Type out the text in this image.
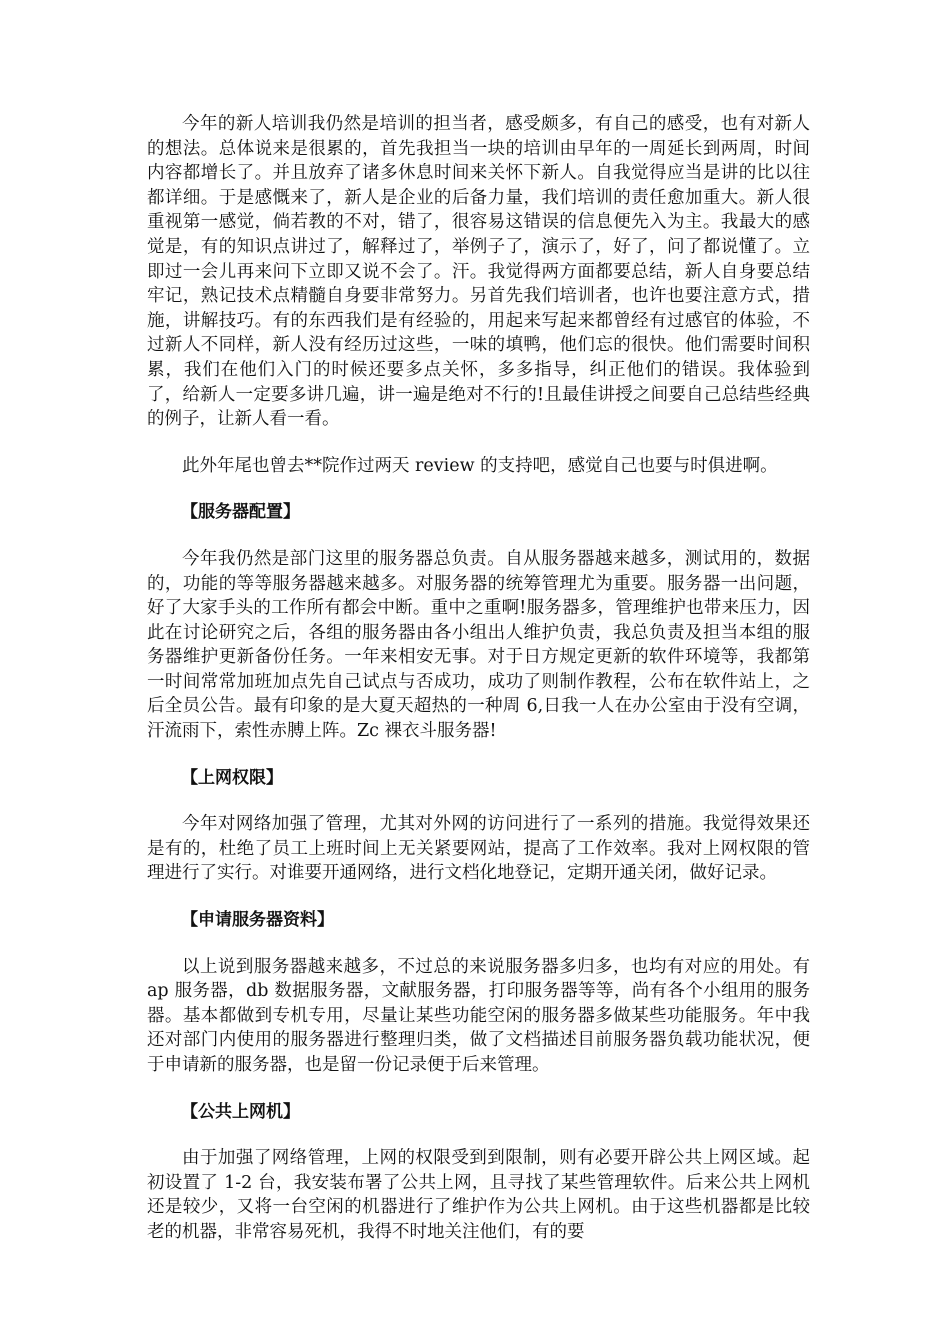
今年的新人培训我仍然是培训的担当者，感受颇多，有自己的感受，也有对新人的想法。总体说来是很累的，首先我担当一块的培训由早年的一周延长到两周，时间内容都增长了。并且放弃了诸多休息时间来关怀下新人。自我觉得应当是讲的比以往都详细。于是感慨来了，新人是企业的后备力量，我们培训的责任愈加重大。新人很重视第一感觉，倘若教的不对，错了，很容易这错误的信息便先入为主。我最大的感觉是，有的知识点讲过了，解释过了，举例子了，演示了，好了，问了都说懂了。立即过一会儿再来问下立即又说不会了。汗。我觉得两方面都要总结，新人自身要总结牢记，熟记技术点精髓自身要非常努力。另首先我们培训者，也许也要注意方式，措施，讲解技巧。有的东西我们是有经验的，用起来写起来都曾经有过感官的体验，不过新人不同样，新人没有经历过这些，一味的填鸭，他们忘的很快。他们需要时间积累，我们在他们入门的时候还要多点关怀，多多指导，纠正他们的错误。我体验到了，给新人一定要多讲几遍，讲一遍是绝对不行的!且最佳讲授之间要自己总结些经典的例子，让新人看一看。

此外年尾也曾去**院作过两天 review 的支持吧，感觉自己也要与时俱进啊。

【服务器配置】

今年我仍然是部门这里的服务器总负责。自从服务器越来越多，测试用的，数据的，功能的等等服务器越来越多。对服务器的统筹管理尤为重要。服务器一出问题，好了大家手头的工作所有都会中断。重中之重啊!服务器多，管理维护也带来压力，因此在讨论研究之后，各组的服务器由各小组出人维护负责，我总负责及担当本组的服务器维护更新备份任务。一年来相安无事。对于日方规定更新的软件环境等，我都第一时间常常加班加点先自己试点与否成功，成功了则制作教程，公布在软件站上，之后全员公告。最有印象的是大夏天超热的一种周 6,日我一人在办公室由于没有空调，汗流雨下，索性赤膊上阵。Zc 裸衣斗服务器!

【上网权限】

今年对网络加强了管理，尤其对外网的访问进行了一系列的措施。我觉得效果还是有的，杜绝了员工上班时间上无关紧要网站，提高了工作效率。我对上网权限的管理进行了实行。对谁要开通网络，进行文档化地登记，定期开通关闭，做好记录。

【申请服务器资料】

以上说到服务器越来越多，不过总的来说服务器多归多，也均有对应的用处。有 ap 服务器，db 数据服务器，文献服务器，打印服务器等等，尚有各个小组用的服务器。基本都做到专机专用，尽量让某些功能空闲的服务器多做某些功能服务。年中我还对部门内使用的服务器进行整理归类，做了文档描述目前服务器负载功能状况，便于申请新的服务器，也是留一份记录便于后来管理。

【公共上网机】

由于加强了网络管理，上网的权限受到到限制，则有必要开辟公共上网区域。起初设置了 1-2 台，我安装布署了公共上网，且寻找了某些管理软件。后来公共上网机还是较少，又将一台空闲的机器进行了维护作为公共上网机。由于这些机器都是比较老的机器，非常容易死机，我得不时地关注他们，有的要
